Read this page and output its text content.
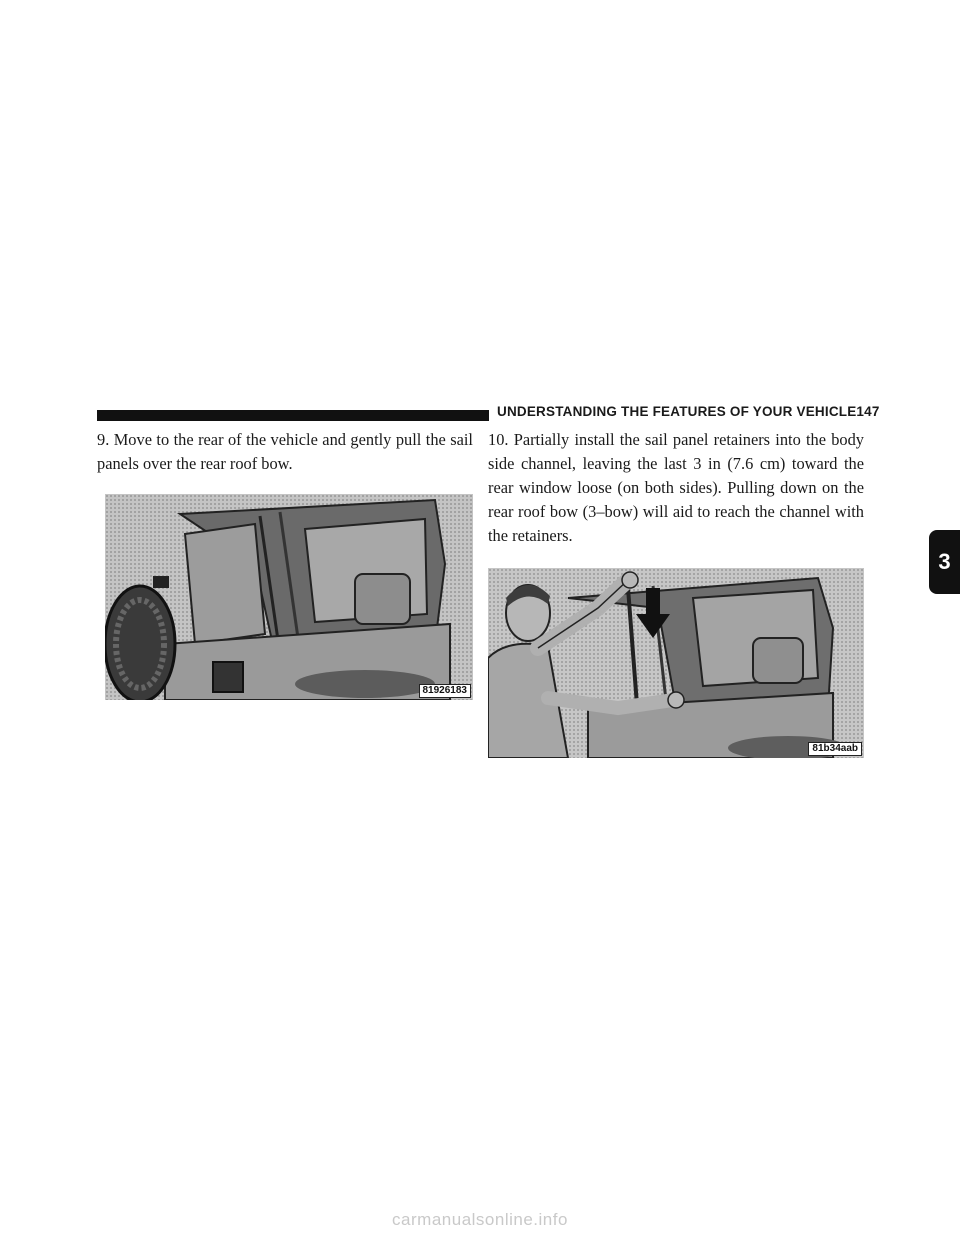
UNDERSTANDING THE FEATURES OF YOUR VEHICLE 147

9. Move to the rear of the vehicle and gently pull the sail panels over the rear roof bow.

10. Partially install the sail panel retainers into the body side channel, leaving the last 3 in (7.6 cm) toward the rear window loose (on both sides). Pulling down on the rear roof bow (3–bow) will aid to reach the channel with the retainers.

81926183
81b34aab
3
carmanualsonline.info
